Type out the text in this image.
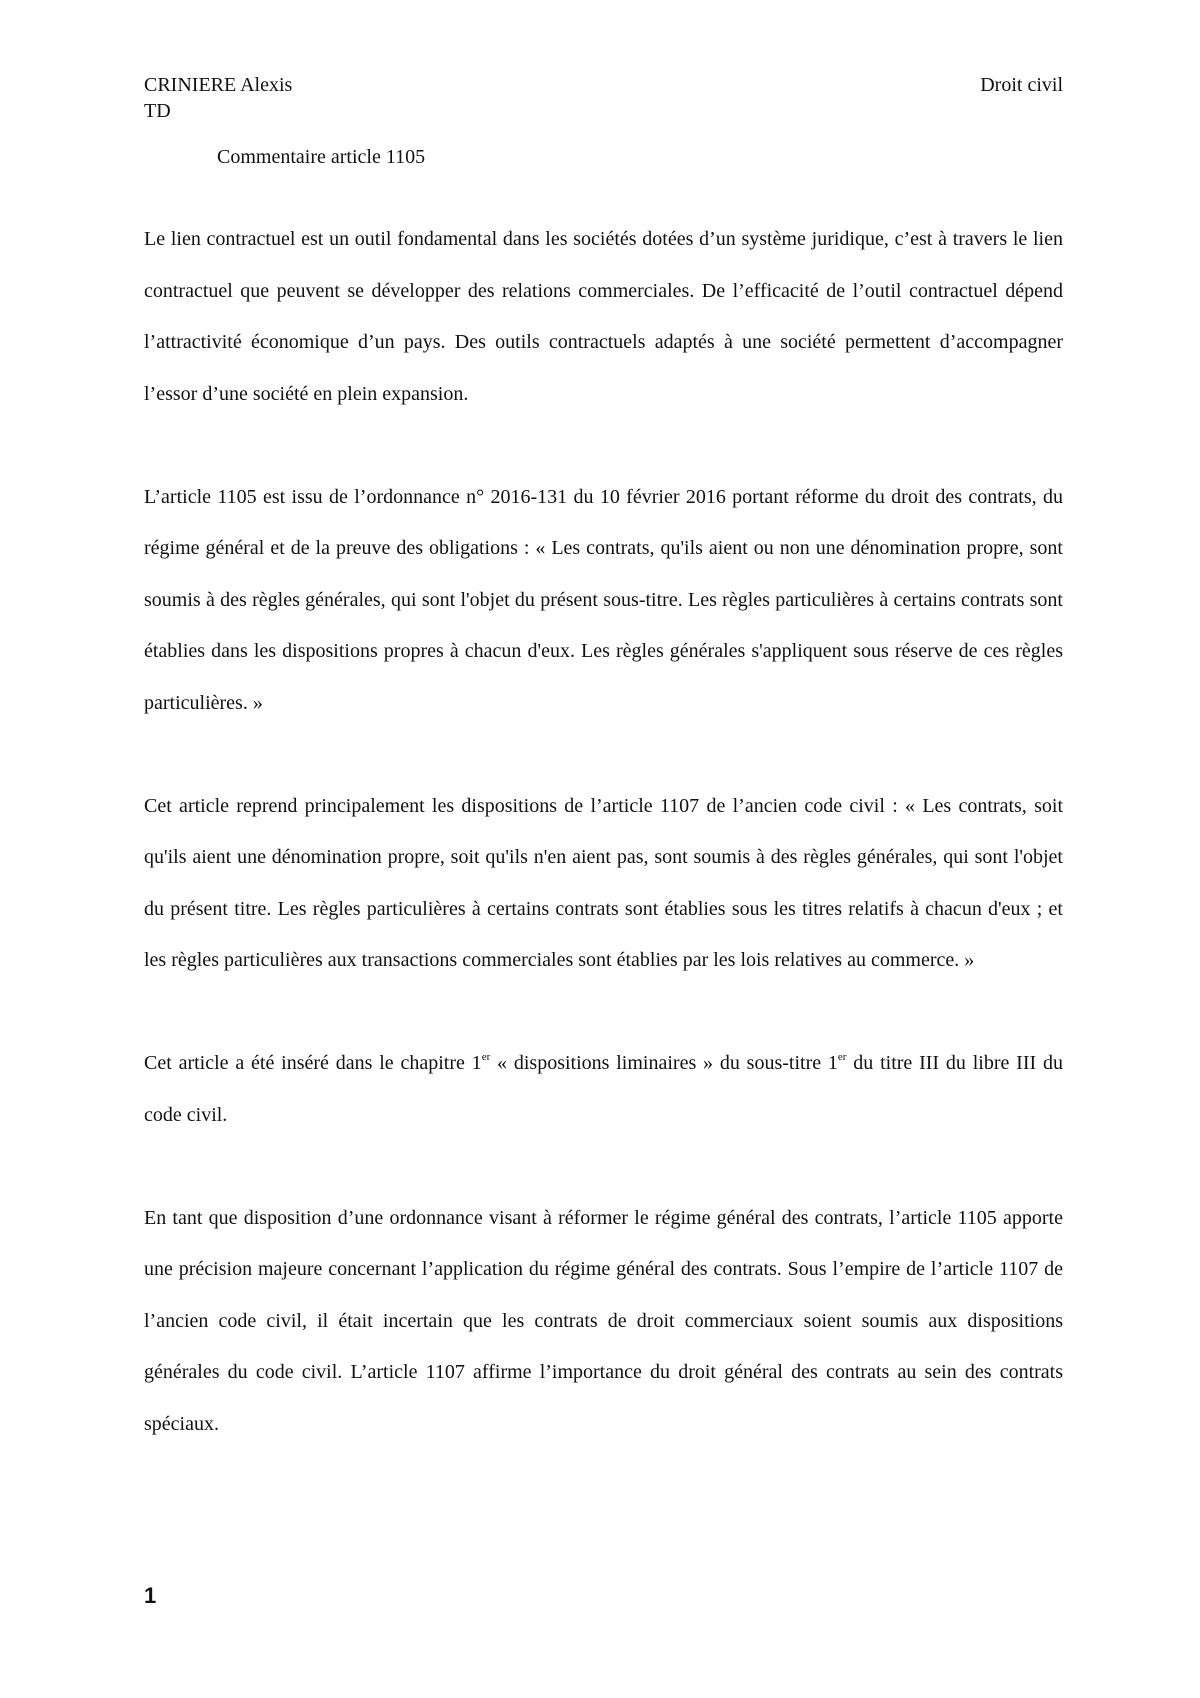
CRINIERE Alexis
TD
Droit civil
Commentaire article 1105

Le lien contractuel est un outil fondamental dans les sociétés dotées d’un système juridique, c’est à travers le lien contractuel que peuvent se développer des relations commerciales. De l’efficacité de l’outil contractuel dépend l’attractivité économique d’un pays. Des outils contractuels adaptés à une société permettent d’accompagner l’essor d’une société en plein expansion.

L’article 1105 est issu de l’ordonnance n° 2016-131 du 10 février 2016 portant réforme du droit des contrats, du régime général et de la preuve des obligations : « Les contrats, qu'ils aient ou non une dénomination propre, sont soumis à des règles générales, qui sont l'objet du présent sous-titre. Les règles particulières à certains contrats sont établies dans les dispositions propres à chacun d'eux. Les règles générales s'appliquent sous réserve de ces règles particulières. »

Cet article reprend principalement les dispositions de l’article 1107 de l’ancien code civil : « Les contrats, soit qu'ils aient une dénomination propre, soit qu'ils n'en aient pas, sont soumis à des règles générales, qui sont l'objet du présent titre. Les règles particulières à certains contrats sont établies sous les titres relatifs à chacun d'eux ; et les règles particulières aux transactions commerciales sont établies par les lois relatives au commerce. »

Cet article a été inséré dans le chapitre 1er « dispositions liminaires » du sous-titre 1er du titre III du libre III du code civil.

En tant que disposition d’une ordonnance visant à réformer le régime général des contrats, l’article 1105 apporte une précision majeure concernant l’application du régime général des contrats. Sous l’empire de l’article 1107 de l’ancien code civil, il était incertain que les contrats de droit commerciaux soient soumis aux dispositions générales du code civil. L’article 1107 affirme l’importance du droit général des contrats au sein des contrats spéciaux.

1
